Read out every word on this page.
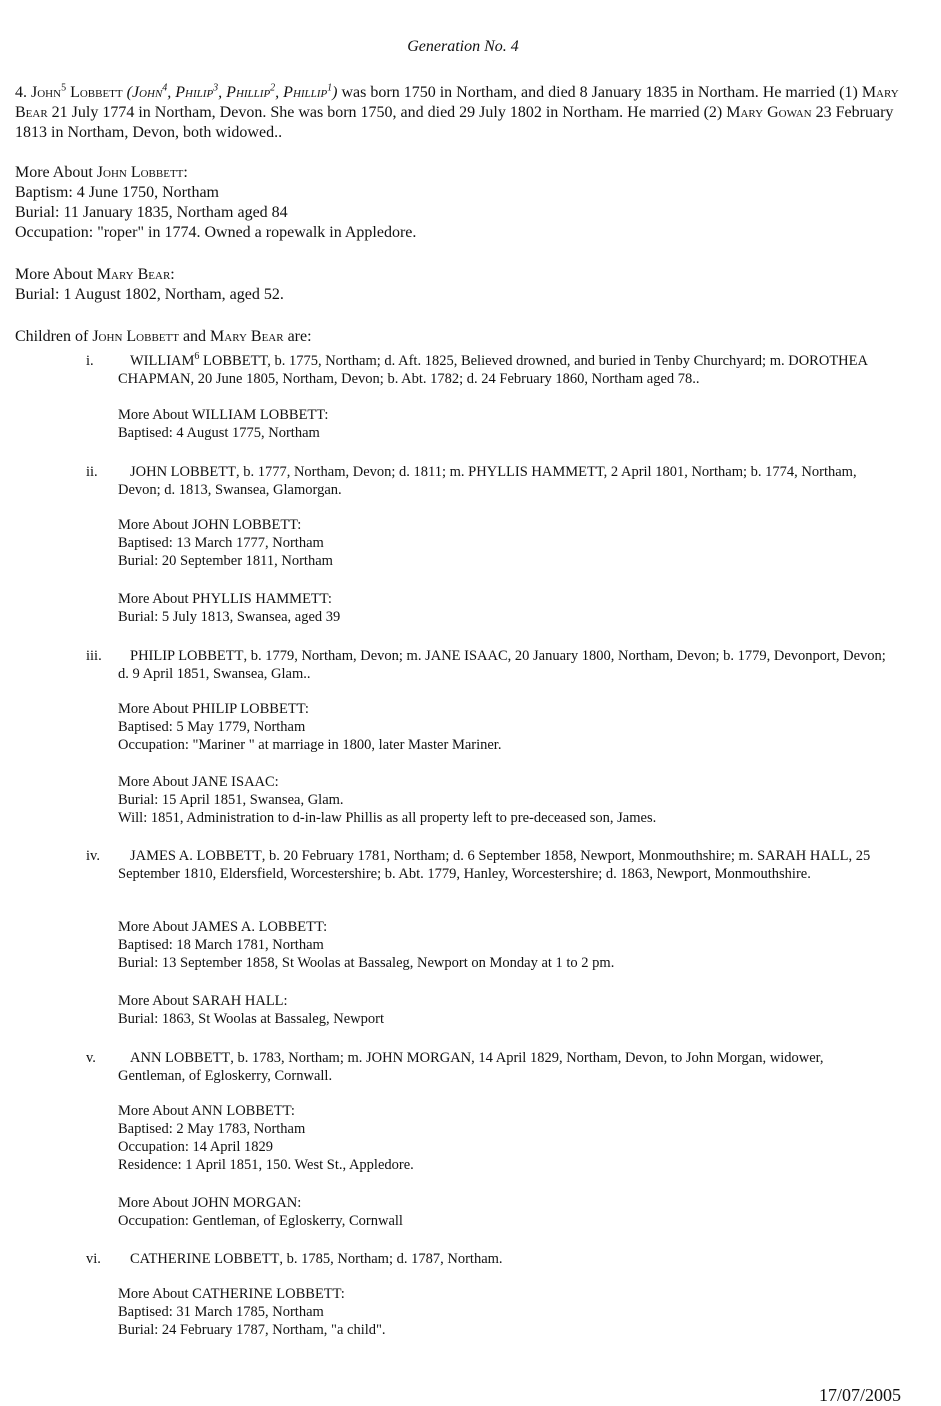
Generation No. 4

4. John$^5$ Lobbett (John$^4$, Philip$^3$, Phillip$^2$, Phillip$^1$) was born 1750 in Northam, and died 8 January 1835 in Northam. He married (1) Mary Bear 21 July 1774 in Northam, Devon. She was born 1750, and died 29 July 1802 in Northam. He married (2) Mary Gowan 23 February 1813 in Northam, Devon, both widowed..

More About John Lobbett:
Baptism: 4 June 1750, Northam
Burial: 11 January 1835, Northam aged 84
Occupation: "roper" in 1774. Owned a ropewalk in Appledore.
More About Mary Bear:
Burial: 1 August 1802, Northam, aged 52.
Children of John Lobbett and Mary Bear are:
i.	WILLIAM$^6$ LOBBETT, b. 1775, Northam; d. Aft. 1825, Believed drowned, and buried in Tenby Churchyard; m. DOROTHEA CHAPMAN, 20 June 1805, Northam, Devon; b. Abt. 1782; d. 24 February 1860, Northam aged 78..

More About WILLIAM LOBBETT:
Baptised: 4 August 1775, Northam
ii.	JOHN LOBBETT, b. 1777, Northam, Devon; d. 1811; m. PHYLLIS HAMMETT, 2 April 1801, Northam; b. 1774, Northam, Devon; d. 1813, Swansea, Glamorgan.

More About JOHN LOBBETT:
Baptised: 13 March 1777, Northam
Burial: 20 September 1811, Northam
More About PHYLLIS HAMMETT:
Burial: 5 July 1813, Swansea, aged 39
iii.	PHILIP LOBBETT, b. 1779, Northam, Devon; m. JANE ISAAC, 20 January 1800, Northam, Devon; b. 1779, Devonport, Devon; d. 9 April 1851, Swansea, Glam..

More About PHILIP LOBBETT:
Baptised: 5 May 1779, Northam
Occupation: "Mariner " at marriage in 1800, later Master Mariner.
More About JANE ISAAC:
Burial: 15 April 1851, Swansea, Glam.
Will: 1851, Administration to d-in-law Phillis as all property left to pre-deceased son, James.
iv.	JAMES A. LOBBETT, b. 20 February 1781, Northam; d. 6 September 1858, Newport, Monmouthshire; m. SARAH HALL, 25 September 1810, Eldersfield, Worcestershire; b. Abt. 1779, Hanley, Worcestershire; d. 1863, Newport, Monmouthshire.

More About JAMES A. LOBBETT:
Baptised: 18 March 1781, Northam
Burial: 13 September 1858, St Woolas at Bassaleg, Newport on Monday at 1 to 2 pm.
More About SARAH HALL:
Burial: 1863, St Woolas at Bassaleg, Newport
v.	ANN LOBBETT, b. 1783, Northam; m. JOHN MORGAN, 14 April 1829, Northam, Devon, to John Morgan, widower, Gentleman, of Egloskerry, Cornwall.

More About ANN LOBBETT:
Baptised: 2 May 1783, Northam
Occupation: 14 April 1829
Residence: 1 April 1851, 150. West St., Appledore.
More About JOHN MORGAN:
Occupation: Gentleman, of Egloskerry, Cornwall
vi.	CATHERINE LOBBETT, b. 1785, Northam; d. 1787, Northam.

More About CATHERINE LOBBETT:
Baptised: 31 March 1785, Northam
Burial: 24 February 1787, Northam, "a child".
17/07/2005
